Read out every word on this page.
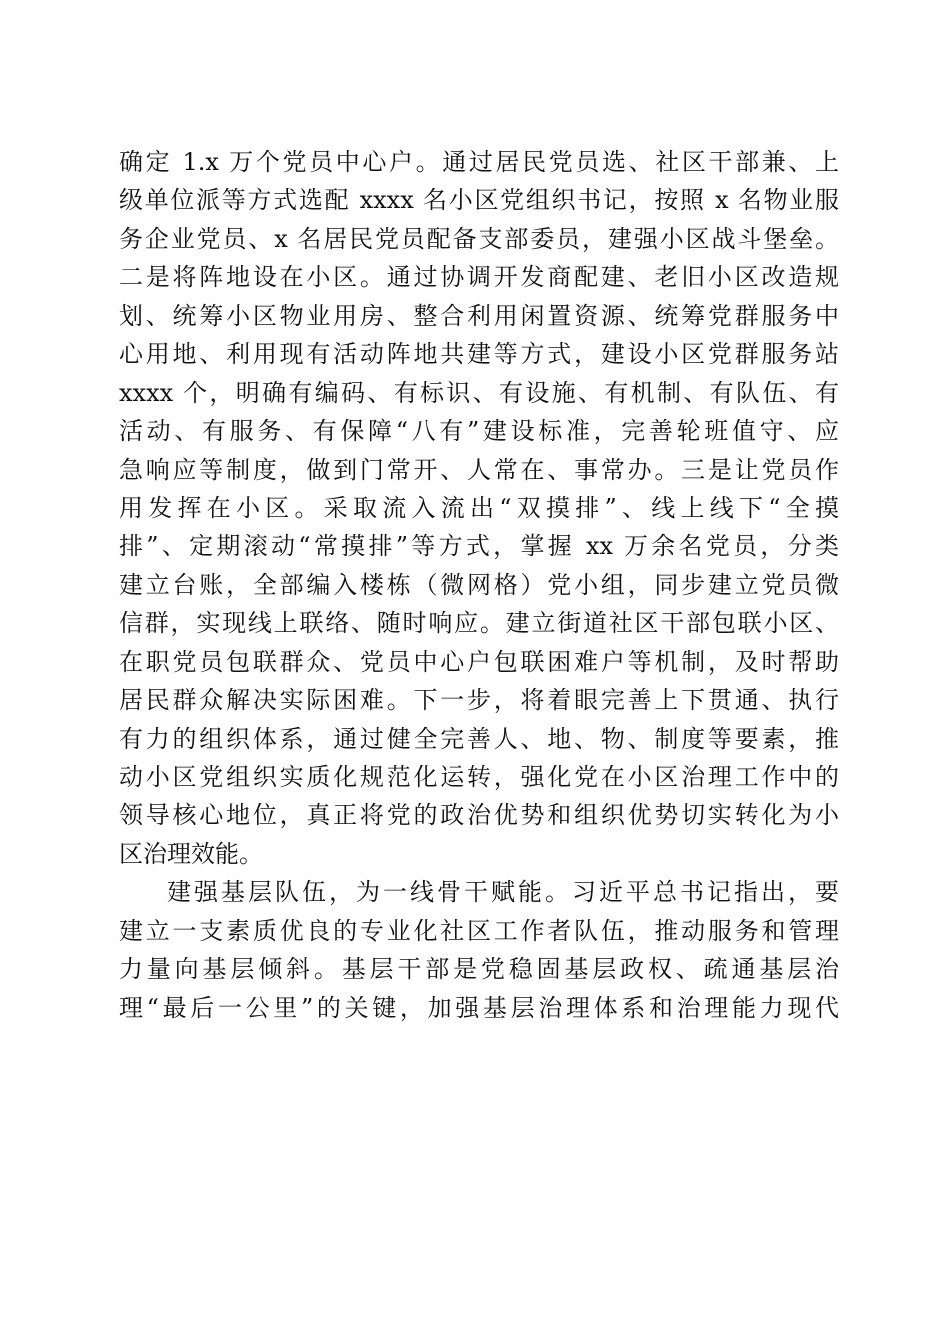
确定 1.x 万个党员中心户。通过居民党员选、社区干部兼、上
级单位派等方式选配 xxxx 名小区党组织书记，按照 x 名物业服
务企业党员、x 名居民党员配备支部委员，建强小区战斗堡垒。
二是将阵地设在小区。通过协调开发商配建、老旧小区改造规
划、统筹小区物业用房、整合利用闲置资源、统筹党群服务中
心用地、利用现有活动阵地共建等方式，建设小区党群服务站
xxxx 个，明确有编码、有标识、有设施、有机制、有队伍、有
活动、有服务、有保障“八有”建设标准，完善轮班值守、应
急响应等制度，做到门常开、人常在、事常办。三是让党员作
用发挥在小区。采取流入流出“双摸排”、线上线下“全摸
排”、定期滚动“常摸排”等方式，掌握 xx 万余名党员，分类
建立台账，全部编入楼栋（微网格）党小组，同步建立党员微
信群，实现线上联络、随时响应。建立街道社区干部包联小区、
在职党员包联群众、党员中心户包联困难户等机制，及时帮助
居民群众解决实际困难。下一步，将着眼完善上下贯通、执行
有力的组织体系，通过健全完善人、地、物、制度等要素，推
动小区党组织实质化规范化运转，强化党在小区治理工作中的
领导核心地位，真正将党的政治优势和组织优势切实转化为小
区治理效能。
建强基层队伍，为一线骨干赋能。习近平总书记指出，要
建立一支素质优良的专业化社区工作者队伍，推动服务和管理
力量向基层倾斜。基层干部是党稳固基层政权、疏通基层治
理“最后一公里”的关键，加强基层治理体系和治理能力现代
